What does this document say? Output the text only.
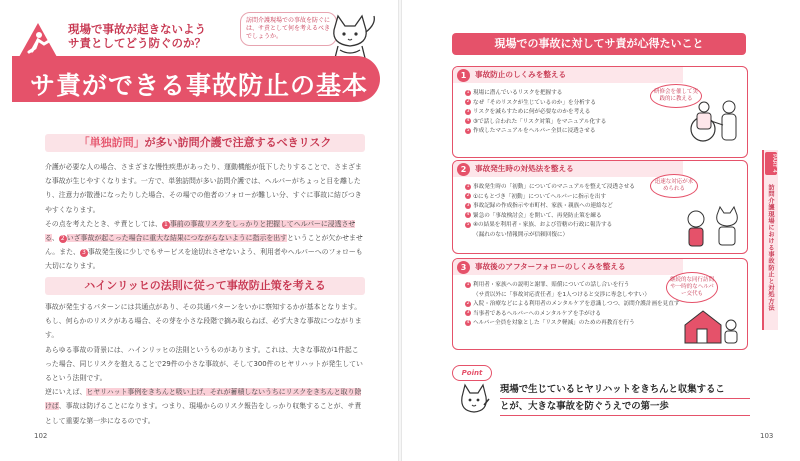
現場で事故が起きないよう
サ責としてどう防ぐのか？
訪問介護現場での事故を防ぐには、サ責として何を考えるべきでしょうか。
サ責ができる事故防止の基本
「単独訪問」が多い訪問介護で注意するべきリスク
介護が必要な人の場合、さまざまな慢性疾患があったり、運動機能が低下したりすることで、さまざまな事故が生じやすくなります。一方で、単独訪問が多い訪問介護では、ヘルパーがちょっと目を離したり、注意力が散漫になったりした場合、その場での他者のフォローが難しい分、すぐに事故に結びつきやすくなります。
その点を考えたとき、サ責としては、 1 事前の事故リスクをしっかりと把握してヘルパーに浸透させる、 2 いざ事故が起こった場合に重大な結果につながらないように指示を出すということが欠かせません。また、 3 事故発生後に少しでもサービスを途切れさせないよう、利用者やヘルパーへのフォローも大切になります。
ハインリッヒの法則に従って事故防止策を考える
事故が発生するパターンには共通点があり、その共通パターンをいかに察知するかが基本となります。もし、何らかのリスクがある場合、その芽を小さな段階で摘み取らねば、必ず大きな事故につながります。
あらゆる事故の背景には、ハインリッヒの法則というものがあります。これは、大きな事故が1件起こった場合、同じリスクを抱えることで29件の小さな事故が、そして300件のヒヤリハットが発生しているという法則です。
逆にいえば、ヒヤリハット事例をきちんと吸い上げ、それが蓄積しないうちにリスクをきちんと取り除けば、事故は防げることになります。つまり、現場からのリスク報告をしっかり収集することが、サ責として重要な第一歩になるのです。
102
現場での事故に対してサ責が心得たいこと
1	事故防止のしくみを整える
1 現場に潜んでいるリスクを把握する
2 なぜ「そのリスクが生じているのか」を分析する
3 リスクを減らすために何が必要なのかを考える
4 ③で話し合われた「リスク対策」をマニュアル化する
5 作成したマニュアルをヘルパー全員に浸透させる
研修会を催して実践的に教える
2	事故発生時の対処法を整える
1 事故発生時の「初動」についてのマニュアルを整えて浸透させる
2 ①にもとづき「初動」についてヘルパーに指示を出す
3 事故記録の作成指示や市町村、家族・親族への連絡など
4 緊急の「事故検討会」を開いて、再発防止策を練る
5 ④の結果を利用者・家族、および管轄の行政に報告する
（漏れのない情報開示が信頼回復に）
迅速な対応が求められる
3	事故後のアフターフォローのしくみを整える
1 利用者・家族への説明と謝罪、賠償についての話し合いを行う
（サ責以外に「事故対応責任者」を1人つけると交渉に専念しやすい）
2 入院・治療などによる利用者のメンタルケアを意識しつつ、訪問介護計画を見直す
3 当事者であるヘルパーへのメンタルケアを手がける
4 ヘルパー全員を対象とした「リスク軽減」のための再教育を行う
継続的な同行訪問や一時的なヘルパー交代も
PART 4
訪問介護現場における事故防止と対処方法
Point
現場で生じているヒヤリハットをきちんと収集するこ
とが、大きな事故を防ぐうえでの第一歩
103
